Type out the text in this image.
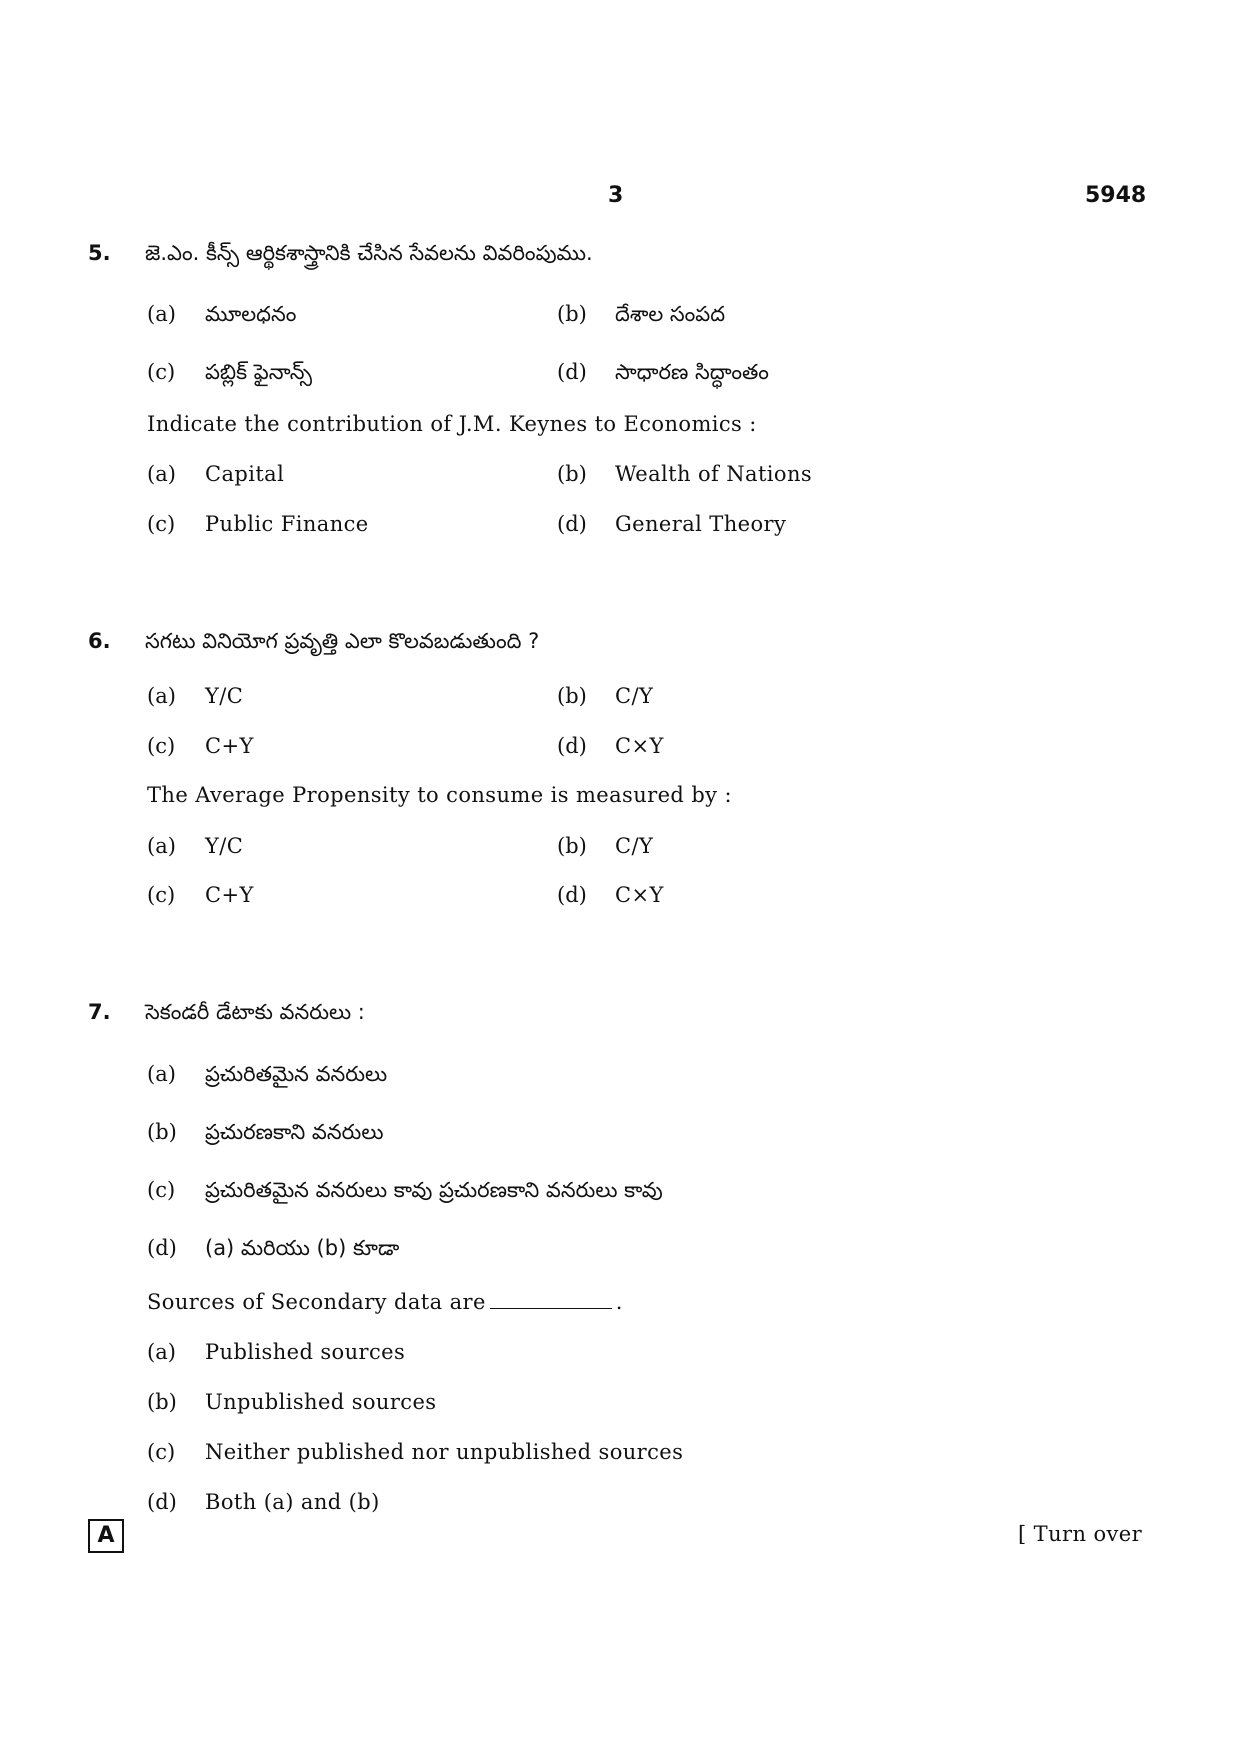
3	5948
5. జె.ఎం. కీన్స్ ఆర్థికశాస్త్రానికి చేసిన సేవలను వివరింపుము.
(a) మూలధనం	(b) దేశాల సంపద
(c) పబ్లిక్ ఫైనాన్స్	(d) సాధారణ సిద్ధాంతం
Indicate the contribution of J.M. Keynes to Economics :
(a) Capital	(b) Wealth of Nations
(c) Public Finance	(d) General Theory
6. సగటు వినియోగ ప్రవృత్తి ఎలా కొలవబడుతుంది ?
(a) Y/C	(b) C/Y
(c) C+Y	(d) C×Y
The Average Propensity to consume is measured by :
(a) Y/C	(b) C/Y
(c) C+Y	(d) C×Y
7. సెకండరీ డేటాకు వనరులు :
(a) ప్రచురితమైన వనరులు
(b) ప్రచురణకాని వనరులు
(c) ప్రచురితమైన వనరులు కావు ప్రచురణకాని వనరులు కావు
(d) (a) మరియు (b) కూడా
Sources of Secondary data are	.
(a) Published sources
(b) Unpublished sources
(c) Neither published nor unpublished sources
(d) Both (a) and (b)
A	[ Turn over
